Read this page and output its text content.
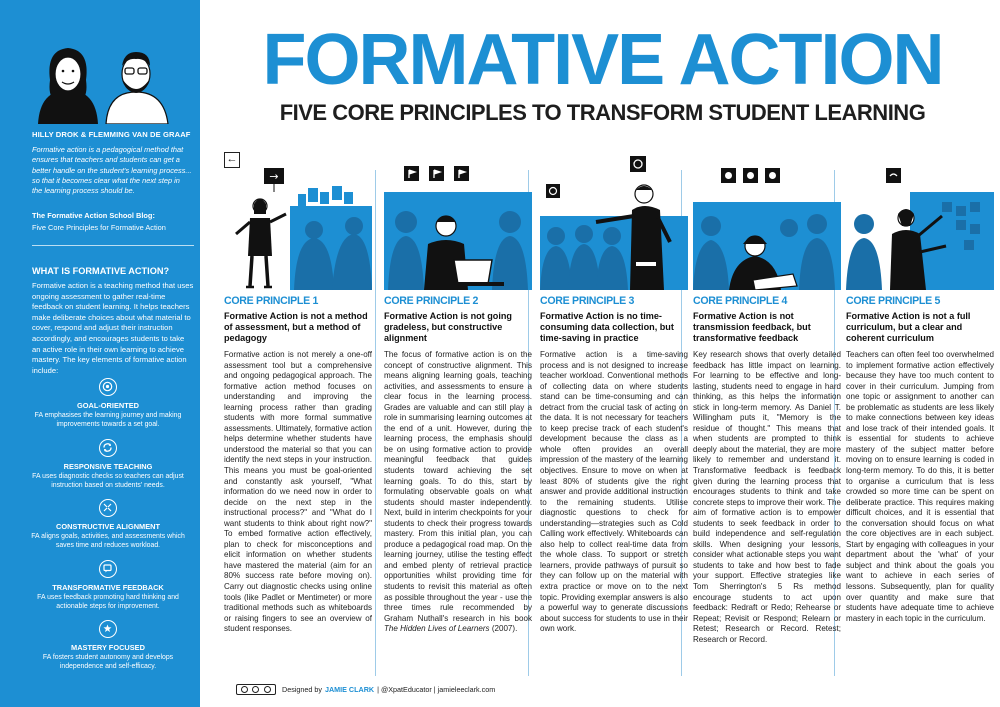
HILLY DROK & FLEMMING VAN DE GRAAF
Formative action is a pedagogical method that ensures that teachers and students can get a better handle on the student's learning process... so that it becomes clear what the next step in the learning process should be.
The Formative Action School Blog:
Five Core Principles for Formative Action
WHAT IS FORMATIVE ACTION?
Formative action is a teaching method that uses ongoing assessment to gather real-time feedback on student learning. It helps teachers make deliberate choices about what material to cover, respond and adjust their instruction accordingly, and encourages students to take an active role in their own learning to achieve mastery. The key elements of formative action include:
GOAL-ORIENTED
FA emphasises the learning journey and making improvements towards a set goal.
RESPONSIVE TEACHING
FA uses diagnostic checks so teachers can adjust instruction based on students' needs.
CONSTRUCTIVE ALIGNMENT
FA aligns goals, activities, and assessments which saves time and reduces workload.
TRANSFORMATIVE FEEDBACK
FA uses feedback promoting hard thinking and actionable steps for improvement.
MASTERY FOCUSED
FA fosters student autonomy and develops independence and self-efficacy.
FORMATIVE ACTION
FIVE CORE PRINCIPLES TO TRANSFORM STUDENT LEARNING
←
→
CORE PRINCIPLE 1
Formative Action is not a method of assessment, but a method of pedagogy
Formative action is not merely a one-off assessment tool but a comprehensive and ongoing pedagogical approach. The formative action method focuses on understanding and improving the learning process rather than grading students with more formal summative assessments. Ultimately, formative action helps determine whether students have understood the material so that you can identify the next steps in your instruction. This means you must be goal-oriented and constantly ask yourself, "What information do we need now in order to decide on the next step in the instructional process?" and "What do I want students to think about right now?" To embed formative action effectively, plan to check for misconceptions and elicit information on whether students have mastered the material (aim for an 80% success rate before moving on). Carry out diagnostic checks using online tools (like Padlet or Mentimeter) or more traditional methods such as whiteboards or raising fingers to see an overview of student responses.
CORE PRINCIPLE 2
Formative Action is not going gradeless, but constructive alignment
The focus of formative action is on the concept of constructive alignment. This means aligning learning goals, teaching activities, and assessments to ensure a clear focus in the learning process. Grades are valuable and can still play a role in summarising learning outcomes at the end of a unit. However, during the learning process, the emphasis should be on using formative action to provide meaningful feedback that guides students toward achieving the set learning goals. To do this, start by formulating observable goals on what students should master independently. Next, build in interim checkpoints for your students to check their progress towards mastery. From this initial plan, you can produce a pedagogical road map. On the learning journey, utilise the testing effect and embed plenty of retrieval practice opportunities whilst providing time for students to revisit this material as often as possible throughout the year - use the three times rule recommended by Graham Nuthall's research in his book The Hidden Lives of Learners (2007).
CORE PRINCIPLE 3
Formative Action is no time-consuming data collection, but time-saving in practice
Formative action is a time-saving process and is not designed to increase teacher workload. Conventional methods of collecting data on where students stand can be time-consuming and can detract from the crucial task of acting on the data. It is not necessary for teachers to keep precise track of each student's development because the class as a whole often provides an overall impression of the mastery of the learning objectives. Ensure to move on when at least 80% of students give the right answer and provide additional instruction to the remaining students. Utilise diagnostic questions to check for understanding—strategies such as Cold Calling work effectively. Whiteboards can also help to collect real-time data from the whole class. To support or stretch learners, provide pathways of pursuit so they can follow up on the material with extra practice or move on to the next topic. Providing exemplar answers is also a powerful way to generate discussions about success for students to use in their own work.
CORE PRINCIPLE 4
Formative Action is not transmission feedback, but transformative feedback
Key research shows that overly detailed feedback has little impact on learning. For learning to be effective and long-lasting, students need to engage in hard thinking, as this helps the information stick in long-term memory. As Daniel T. Willingham puts it, "Memory is the residue of thought." This means that when students are prompted to think deeply about the material, they are more likely to remember and understand it. Transformative feedback is feedback given during the learning process that encourages students to think and take concrete steps to improve their work. The aim of formative action is to empower students to seek feedback in order to build independence and self-regulation skills. When designing your lessons, consider what actionable steps you want students to take and how best to fade your support. Effective strategies like Tom Sherrington's 5 Rs method encourage students to act upon feedback: Redraft or Redo; Rehearse or Repeat; Revisit or Respond; Relearn or Retest; Research or Record. Retest; Research or Record.
CORE PRINCIPLE 5
Formative Action is not a full curriculum, but a clear and coherent curriculum
Teachers can often feel too overwhelmed to implement formative action effectively because they have too much content to cover in their curriculum. Jumping from one topic or assignment to another can be problematic as students are less likely to make connections between key ideas and lose track of their intended goals. It is essential for students to achieve mastery of the subject matter before moving on to ensure learning is coded in long-term memory. To do this, it is better to organise a curriculum that is less crowded so more time can be spent on deliberate practice. This requires making difficult choices, and it is essential that the conversation should focus on what the core objectives are in each subject. Start by engaging with colleagues in your department about the 'what' of your subject and think about the goals you want to achieve in each series of lessons. Subsequently, plan for quality over quantity and make sure that students have adequate time to achieve mastery in each topic in the curriculum.
Designed by JAMIE CLARK | @XpatEducator | jamieleeclark.com
